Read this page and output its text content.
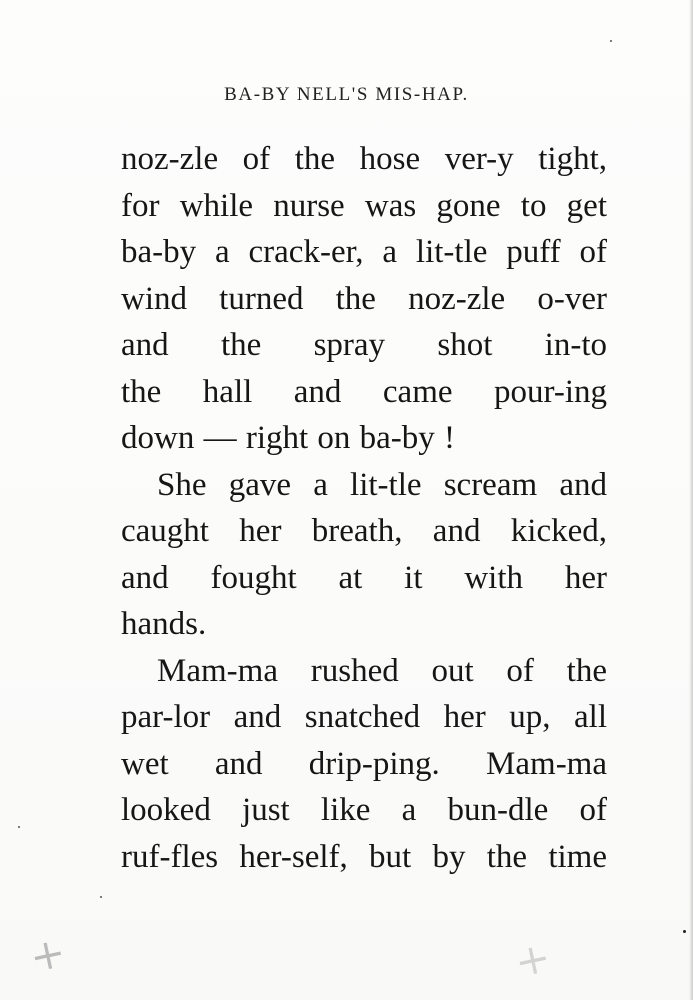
BA-BY NELL'S MIS-HAP.
noz-zle of the hose ver-y tight,
for while nurse was gone to get
ba-by a crack-er, a lit-tle puff of
wind turned the noz-zle o-ver
and the spray shot in-to
the hall and came pour-ing
down — right on ba-by !
She gave a lit-tle scream and
caught her breath, and kicked,
and fought at it with her
hands.
Mam-ma rushed out of the
par-lor and snatched her up, all
wet and drip-ping. Mam-ma
looked just like a bun-dle of
ruf-fles her-self, but by the time
+	+
